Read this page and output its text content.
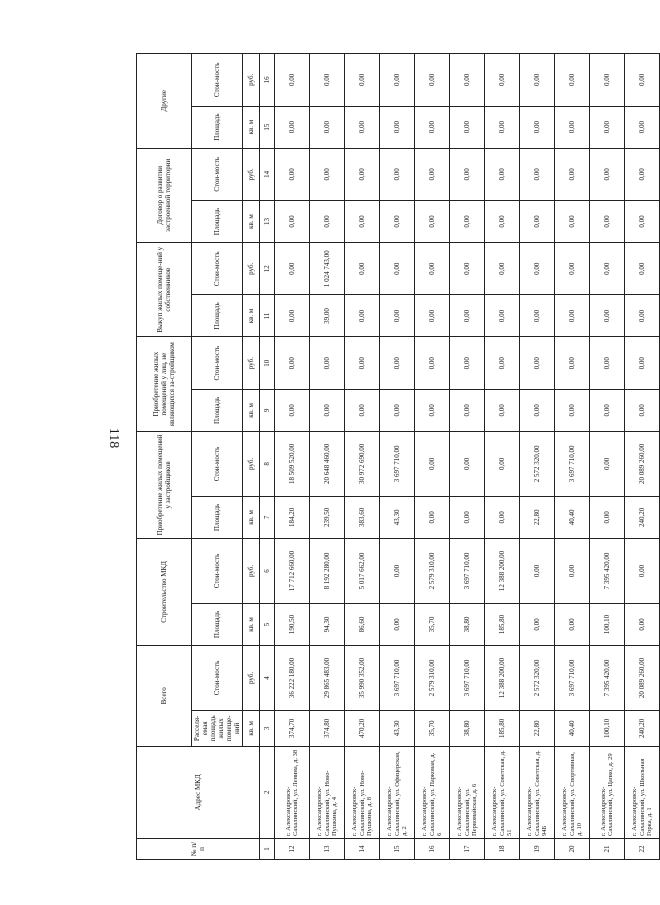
118
№ п/п	Адрес МКД	Всего		Строительство МКД		Приобретение жилых помещений у застройщиков		Приобретение жилых помещений у лиц, не являющихся за-стройщиком		Выкуп жилых помеще-ний у собственников		Договор о развитии застроенной территории		Другие	
		Расселя-емая площадь жилых помеще-ний	Стои-мость	Площадь	Стои-мость	Площадь	Стои-мость	Площадь	Стои-мость	Площадь	Стои-мость	Площадь	Стои-мость	Площадь	Стои-мость
		кв. м	руб.	кв. м	руб.	кв. м	руб.	кв. м	руб.	кв. м	руб.	кв. м	руб.	кв. м	руб.
1	2	3	4	5	6	7	8	9	10	11	12	13	14	15	16
12	г. Александровск-Сахалинский, ул. Ленина, д. 38	374,70	36 222 180,00	190,50	17 712 660,00	184,20	18 509 520,00	0,00	0,00	0,00	0,00	0,00	0,00	0,00	0,00
13	г. Александровск-Сахалинский, ул. Ново-Пушкина, д. 4	374,80	29 865 483,00	94,30	8 192 280,00	239,50	20 648 460,00	0,00	0,00	39,00	1 024 743,00	0,00	0,00	0,00	0,00
14	г. Александровск-Сахалинский, ул. Ново-Пушкина, д. 8	470,20	35 990 352,00	86,60	5 017 662,00	383,60	30 972 690,00	0,00	0,00	0,00	0,00	0,00	0,00	0,00	0,00
15	г. Александровск-Сахалинский, ул. Офицерская, д. 2	43,30	3 697 710,00	0,00	0,00	43,30	3 697 710,00	0,00	0,00	0,00	0,00	0,00	0,00	0,00	0,00
16	г. Александровск-Сахалинский, ул. Парковая, д. 6	35,70	2 579 310,00	35,70	2 579 310,00	0,00	0,00	0,00	0,00	0,00	0,00	0,00	0,00	0,00	0,00
17	г. Александровск-Сахалинский, ул. Первомайская, д. 6	38,80	3 697 710,00	38,80	3 697 710,00	0,00	0,00	0,00	0,00	0,00	0,00	0,00	0,00	0,00	0,00
18	г. Александровск-Сахалинский, ул. Советская, д. 51	185,80	12 388 200,00	185,80	12 388 200,00	0,00	0,00	0,00	0,00	0,00	0,00	0,00	0,00	0,00	0,00
19	г. Александровск-Сахалинский, ул. Советская, д. 94Б	22,80	2 572 320,00	0,00	0,00	22,80	2 572 320,00	0,00	0,00	0,00	0,00	0,00	0,00	0,00	0,00
20	г. Александровск-Сахалинский, ул. Спортивная, д. 10	40,40	3 697 710,00	0,00	0,00	40,40	3 697 710,00	0,00	0,00	0,00	0,00	0,00	0,00	0,00	0,00
21	г. Александровск-Сахалинский, ул. Цапко, д. 29	100,10	7 395 420,00	100,10	7 395 420,00	0,00	0,00	0,00	0,00	0,00	0,00	0,00	0,00	0,00	0,00
22	г. Александровск-Сахалинский, ул. Школьная Горка, д. 1	240,20	20 089 260,00	0,00	0,00	240,20	20 089 260,00	0,00	0,00	0,00	0,00	0,00	0,00	0,00	0,00
